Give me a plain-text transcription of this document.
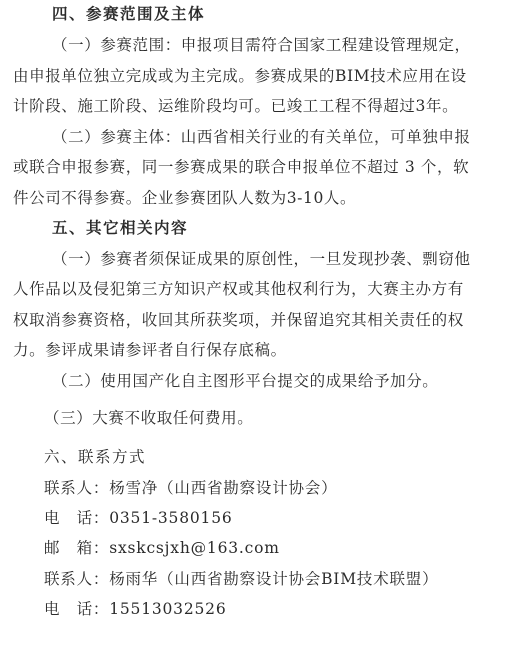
四、参赛范围及主体
（一）参赛范围：申报项目需符合国家工程建设管理规定，
由申报单位独立完成或为主完成。参赛成果的BIM技术应用在设
计阶段、施工阶段、运维阶段均可。已竣工工程不得超过3年。
（二）参赛主体：山西省相关行业的有关单位，可单独申报
或联合申报参赛，同一参赛成果的联合申报单位不超过 3 个，软
件公司不得参赛。企业参赛团队人数为3-10人。
五、其它相关内容
（一）参赛者须保证成果的原创性，一旦发现抄袭、剽窃他
人作品以及侵犯第三方知识产权或其他权利行为，大赛主办方有
权取消参赛资格，收回其所获奖项，并保留追究其相关责任的权
力。参评成果请参评者自行保存底稿。
（二）使用国产化自主图形平台提交的成果给予加分。
（三）大赛不收取任何费用。
六、联系方式
联系人：杨雪净（山西省勘察设计协会）
电　话：0351-3580156
邮　箱：sxskcsjxh@163.com
联系人：杨雨华（山西省勘察设计协会BIM技术联盟）
电　话：15513032526
